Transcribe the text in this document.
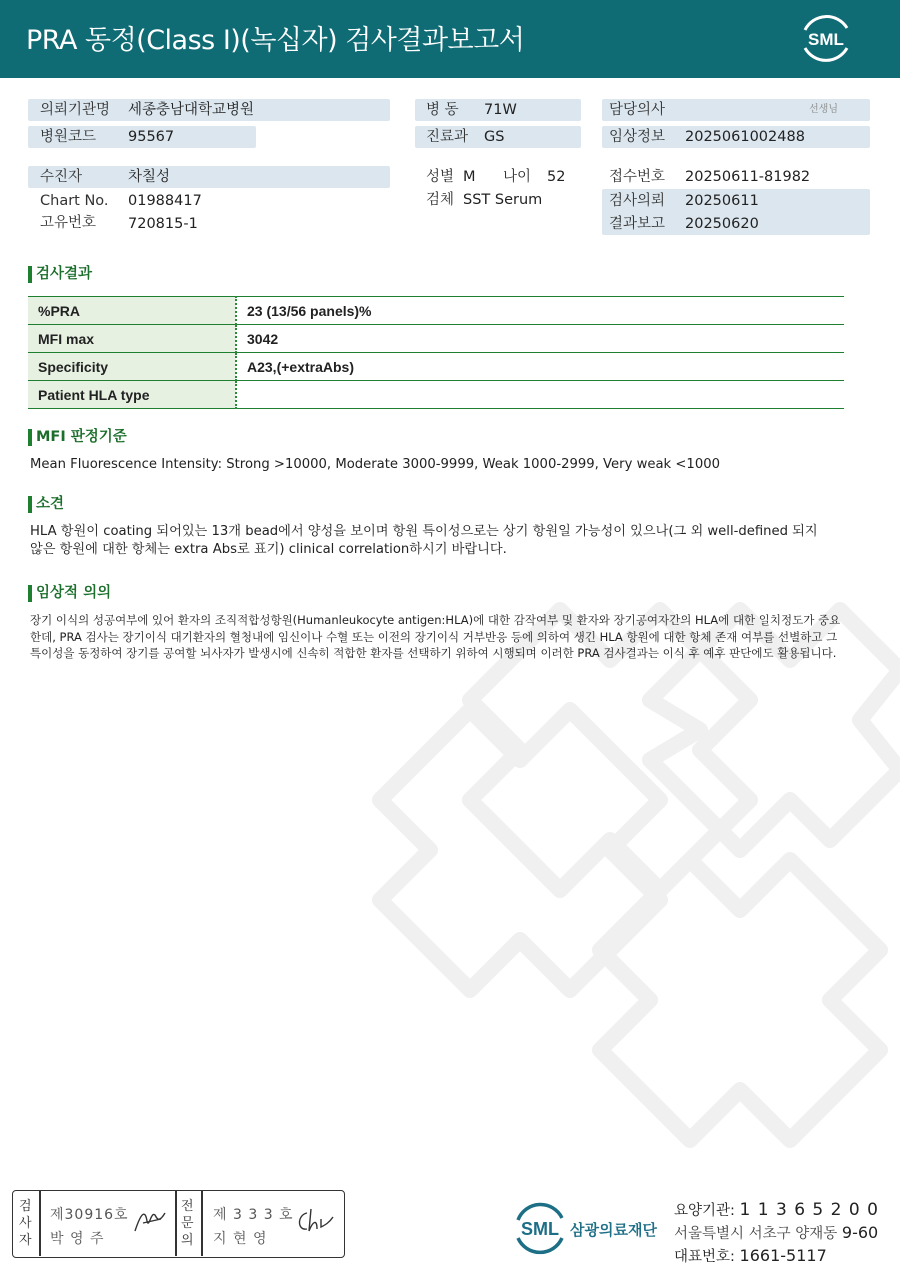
PRA 동정(Class I)(녹십자) 검사결과보고서	SML
의뢰기관명 세종충남대학교병원
병원코드 95567
병 동 71W
진료과 GS
담당의사	선생님
임상정보 2025061002488
수진자	차칠성
Chart No. 01988417
고유번호 720815-1
성별 M 나이 52
검체 SST Serum
접수번호 20250611-81982
검사의뢰 20250611
결과보고 20250620
검사결과
%PRA	23 (13/56 panels)%
MFI max	3042
Specificity	A23,(+extraAbs)
Patient HLA type	
MFI 판정기준
Mean Fluorescence Intensity: Strong >10000, Moderate 3000-9999, Weak 1000-2999, Very weak <1000
소견
HLA 항원이 coating 되어있는 13개 bead에서 양성을 보이며 항원 특이성으로는 상기 항원일 가능성이 있으나(그 외 well-defined 되지
않은 항원에 대한 항체는 extra Abs로 표기) clinical correlation하시기 바랍니다.
임상적 의의
장기 이식의 성공여부에 있어 환자의 조직적합성항원(Humanleukocyte antigen:HLA)에 대한 감작여부 및 환자와 장기공여자간의 HLA에 대한 일치정도가 중요한데, PRA 검사는 장기이식 대기환자의 혈청내에 임신이나 수혈 또는 이전의 장기이식 거부반응 등에 의하여 생긴 HLA 항원에 대한 항체 존재 여부를 선별하고 그 특이성을 동정하여 장기를 공여할 뇌사자가 발생시에 신속히 적합한 환자를 선택하기 위하여 시행되며 이러한 PRA 검사결과는 이식 후 예후 판단에도 활용됩니다.
검
사
자
제30916호
박 영 주
전
문
의
제 3 3 3 호
지 현 영	SML 삼광의료재단
요양기관: 1 1 3 6 5 2 0 0
서울특별시 서초구 양재동 9-60
대표번호: 1661-5117
